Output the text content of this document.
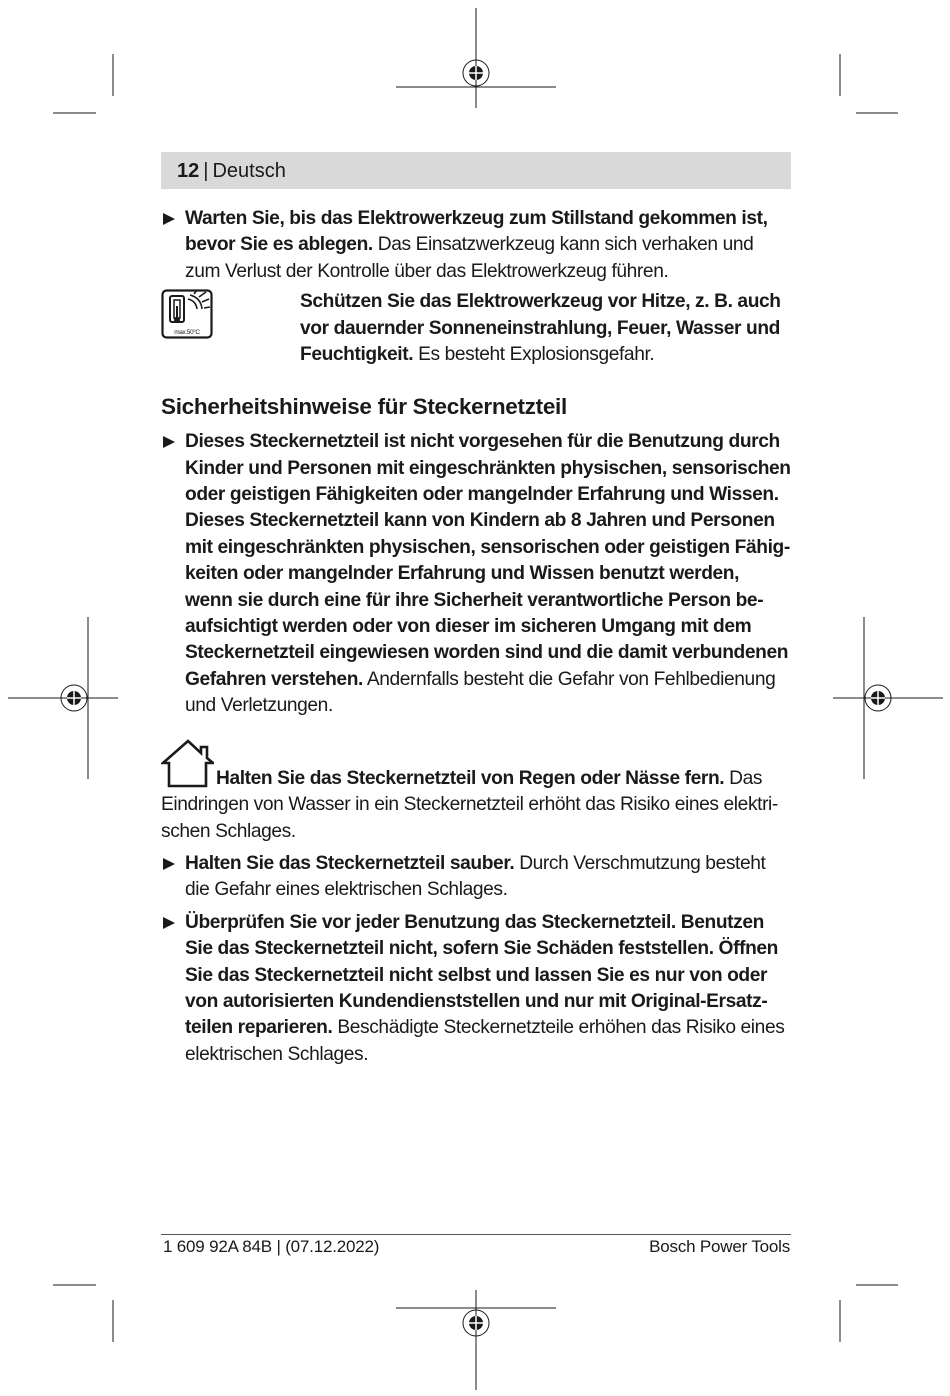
12 | Deutsch

Warten Sie, bis das Elektrowerkzeug zum Stillstand gekommen ist, bevor Sie es ablegen. Das Einsatzwerkzeug kann sich verhaken und zum Verlust der Kontrolle über das Elektrowerkzeug führen.

max.50°C

Schützen Sie das Elektrowerkzeug vor Hitze, z. B. auch vor dauernder Sonneneinstrahlung, Feuer, Wasser und Feuchtigkeit. Es besteht Explosionsgefahr.

Sicherheitshinweise für Steckernetzteil

Dieses Steckernetzteil ist nicht vorgesehen für die Benutzung durch Kinder und Personen mit eingeschränkten physischen, sensorischen oder geistigen Fähigkeiten oder mangelnder Erfahrung und Wissen. Dieses Steckernetzteil kann von Kindern ab 8 Jahren und Personen mit eingeschränkten physischen, sensorischen oder geistigen Fähigkeiten oder mangelnder Erfahrung und Wissen benutzt werden, wenn sie durch eine für ihre Sicherheit verantwortliche Person beaufsichtigt werden oder von dieser im sicheren Umgang mit dem Steckernetzteil eingewiesen worden sind und die damit verbundenen Gefahren verstehen. Andernfalls besteht die Gefahr von Fehlbedienung und Verletzungen.

Halten Sie das Steckernetzteil von Regen oder Nässe fern. Das Eindringen von Wasser in ein Steckernetzteil erhöht das Risiko eines elektrischen Schlages.

Halten Sie das Steckernetzteil sauber. Durch Verschmutzung besteht die Gefahr eines elektrischen Schlages.

Überprüfen Sie vor jeder Benutzung das Steckernetzteil. Benutzen Sie das Steckernetzteil nicht, sofern Sie Schäden feststellen. Öffnen Sie das Steckernetzteil nicht selbst und lassen Sie es nur von oder von autorisierten Kundendienststellen und nur mit Original-Ersatzteilen reparieren. Beschädigte Steckernetzteile erhöhen das Risiko eines elektrischen Schlages.

1 609 92A 84B | (07.12.2022)	Bosch Power Tools
